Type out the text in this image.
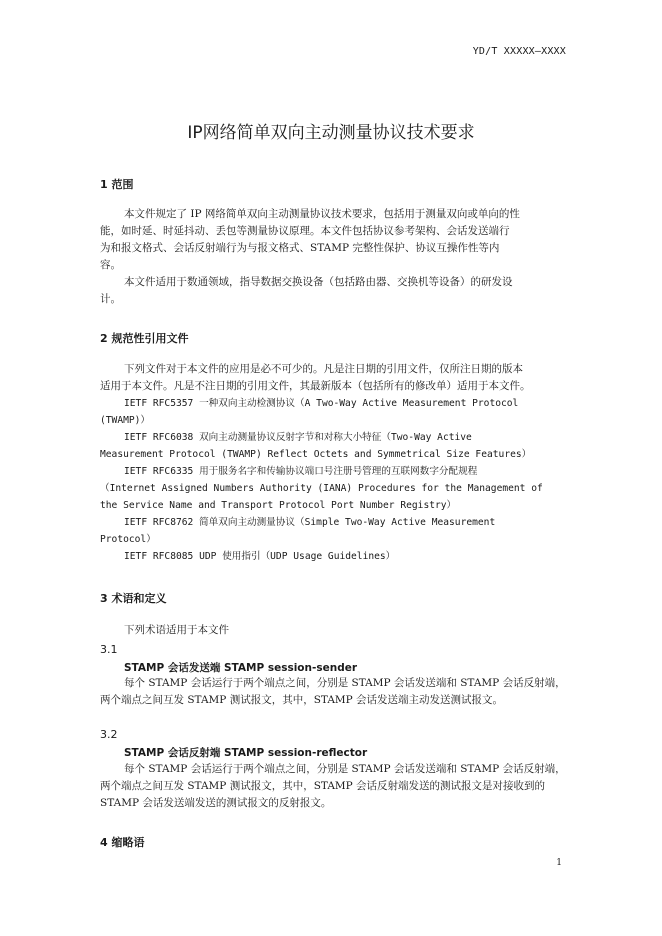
YD/T XXXXX—XXXX
IP网络简单双向主动测量协议技术要求
1 范围
本文件规定了 IP 网络简单双向主动测量协议技术要求，包括用于测量双向或单向的性
能，如时延、时延抖动、丢包等测量协议原理。本文件包括协议参考架构、会话发送端行
为和报文格式、会话反射端行为与报文格式、STAMP 完整性保护、协议互操作性等内
容。
本文件适用于数通领域，指导数据交换设备（包括路由器、交换机等设备）的研发设
计。
2 规范性引用文件
下列文件对于本文件的应用是必不可少的。凡是注日期的引用文件，仅所注日期的版本
适用于本文件。凡是不注日期的引用文件，其最新版本（包括所有的修改单）适用于本文件。
IETF RFC5357 一种双向主动检测协议（A Two-Way Active Measurement Protocol
(TWAMP)）
IETF RFC6038 双向主动测量协议反射字节和对称大小特征（Two-Way Active
Measurement Protocol (TWAMP) Reflect Octets and Symmetrical Size Features）
IETF RFC6335 用于服务名字和传输协议端口号注册号管理的互联网数字分配规程
（Internet Assigned Numbers Authority (IANA) Procedures for the Management of
the Service Name and Transport Protocol Port Number Registry）
IETF RFC8762 简单双向主动测量协议（Simple Two-Way Active Measurement
Protocol）
IETF RFC8085 UDP 使用指引（UDP Usage Guidelines）
3 术语和定义
下列术语适用于本文件
3.1
STAMP 会话发送端 STAMP session-sender
每个 STAMP 会话运行于两个端点之间，分别是 STAMP 会话发送端和 STAMP 会话反射端，
两个端点之间互发 STAMP 测试报文，其中，STAMP 会话发送端主动发送测试报文。
3.2
STAMP 会话反射端 STAMP session-reflector
每个 STAMP 会话运行于两个端点之间，分别是 STAMP 会话发送端和 STAMP 会话反射端，
两个端点之间互发 STAMP 测试报文，其中，STAMP 会话反射端发送的测试报文是对接收到的
STAMP 会话发送端发送的测试报文的反射报文。
4 缩略语
1
